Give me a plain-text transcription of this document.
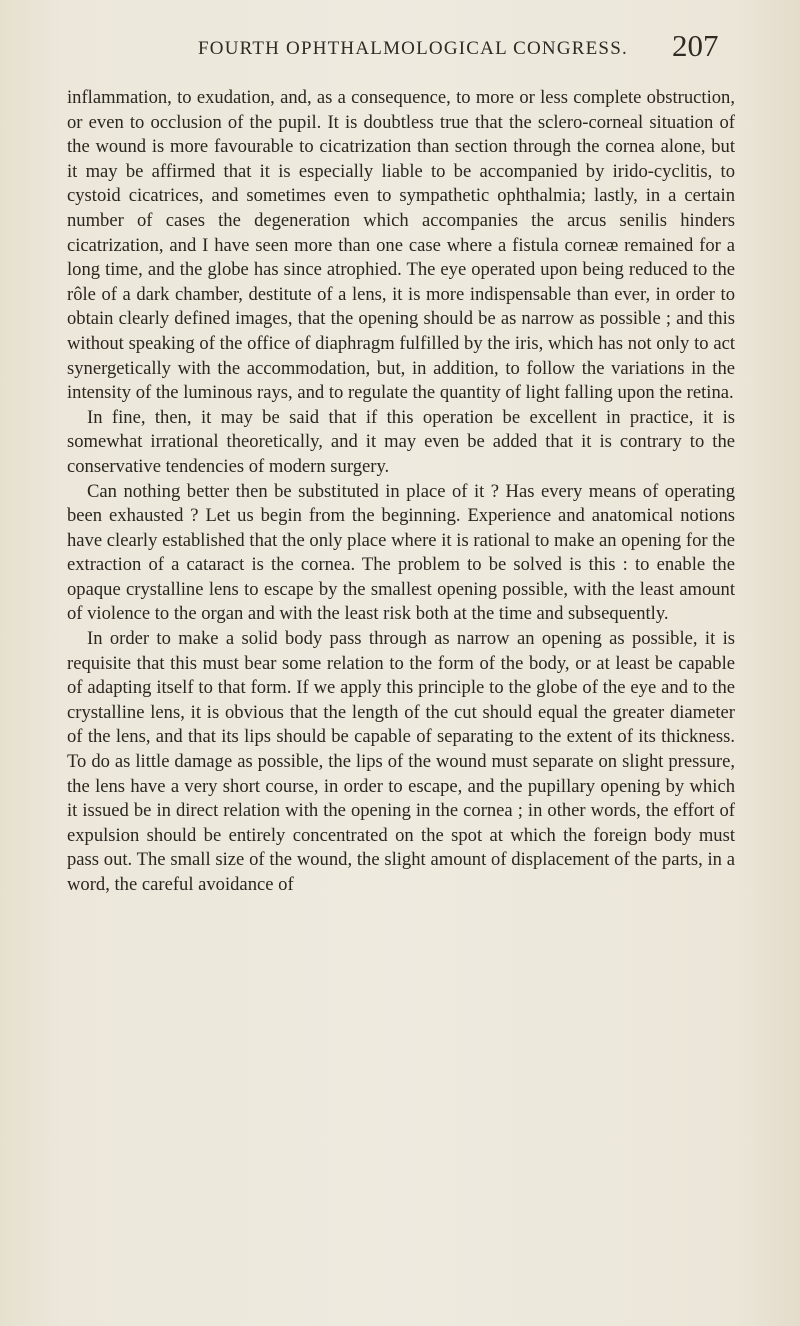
FOURTH OPHTHALMOLOGICAL CONGRESS. 207

inflammation, to exudation, and, as a consequence, to more or less complete obstruction, or even to occlusion of the pupil. It is doubtless true that the sclero-corneal situation of the wound is more favourable to cicatrization than section through the cornea alone, but it may be affirmed that it is especially liable to be accompanied by irido-cyclitis, to cystoid cicatrices, and sometimes even to sympathetic ophthalmia; lastly, in a certain number of cases the degeneration which accompanies the arcus senilis hinders cicatrization, and I have seen more than one case where a fistula corneæ remained for a long time, and the globe has since atrophied. The eye operated upon being reduced to the rôle of a dark chamber, destitute of a lens, it is more indispensable than ever, in order to obtain clearly defined images, that the opening should be as narrow as possible ; and this without speaking of the office of diaphragm fulfilled by the iris, which has not only to act synergetically with the accommodation, but, in addition, to follow the variations in the intensity of the luminous rays, and to regulate the quantity of light falling upon the retina.

In fine, then, it may be said that if this operation be excellent in practice, it is somewhat irrational theoretically, and it may even be added that it is contrary to the conservative tendencies of modern surgery.

Can nothing better then be substituted in place of it ? Has every means of operating been exhausted ? Let us begin from the beginning. Experience and anatomical notions have clearly established that the only place where it is rational to make an opening for the extraction of a cataract is the cornea. The problem to be solved is this : to enable the opaque crystalline lens to escape by the smallest opening possible, with the least amount of violence to the organ and with the least risk both at the time and subsequently.

In order to make a solid body pass through as narrow an opening as possible, it is requisite that this must bear some relation to the form of the body, or at least be capable of adapting itself to that form. If we apply this principle to the globe of the eye and to the crystalline lens, it is obvious that the length of the cut should equal the greater diameter of the lens, and that its lips should be capable of separating to the extent of its thickness. To do as little damage as possible, the lips of the wound must separate on slight pressure, the lens have a very short course, in order to escape, and the pupillary opening by which it issued be in direct relation with the opening in the cornea ; in other words, the effort of expulsion should be entirely concentrated on the spot at which the foreign body must pass out. The small size of the wound, the slight amount of displacement of the parts, in a word, the careful avoidance of
